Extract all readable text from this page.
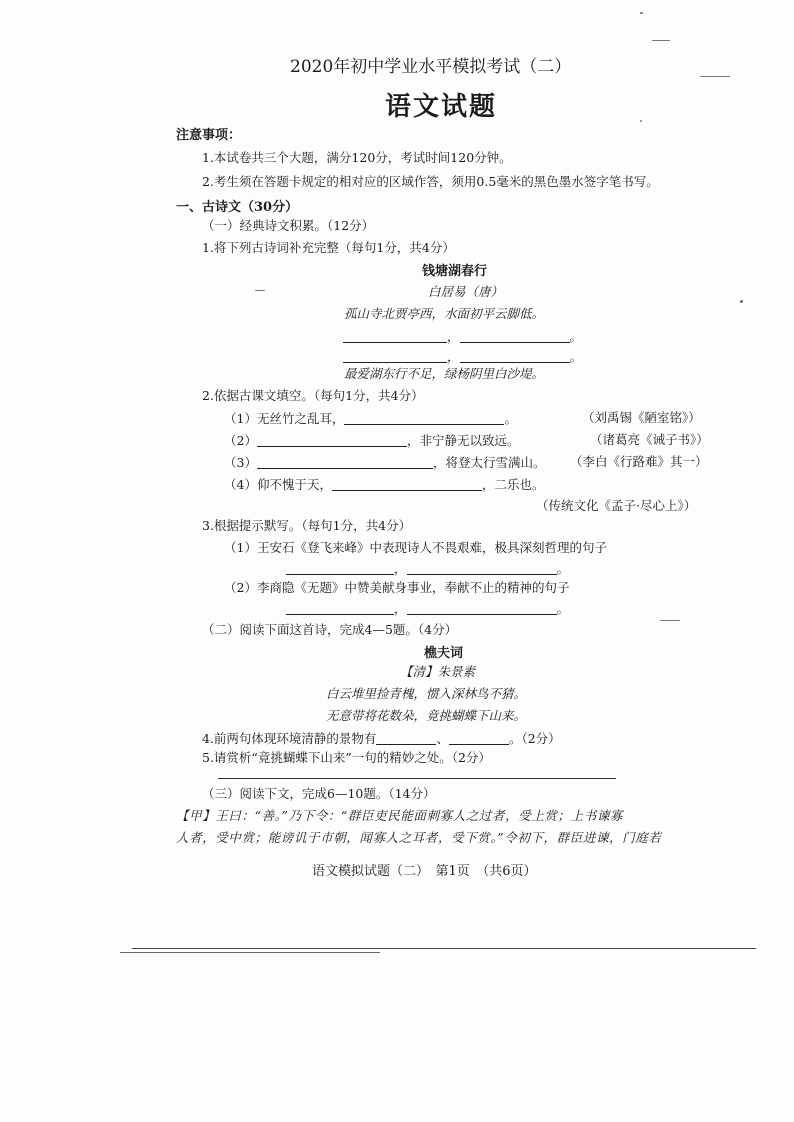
2020年初中学业水平模拟考试（二）
语文试题
注意事项：
1.本试卷共三个大题，满分120分，考试时间120分钟。
2.考生须在答题卡规定的相对应的区域作答，须用0.5毫米的黑色墨水签字笔书写。
一、古诗文（30分）
（一）经典诗文积累。（12分）
1.将下列古诗词补充完整（每句1分，共4分）
钱塘湖春行
白居易（唐）
孤山寺北贾亭西，水面初平云脚低。
，	。
，	。
最爱湖东行不足，绿杨阴里白沙堤。
2.依据古课文填空。（每句1分，共4分）
（1）无丝竹之乱耳，	。	（刘禹锡《陋室铭》）
（2）	，非宁静无以致远。	（诸葛亮《诫子书》）
（3）	，将登太行雪满山。 （李白《行路难》其一）
（4）仰不愧于天，	，二乐也。
（传统文化《孟子·尽心上》）
3.根据提示默写。（每句1分，共4分）
（1）王安石《登飞来峰》中表现诗人不畏艰难，极具深刻哲理的句子
，	。
（2）李商隐《无题》中赞美献身事业，奉献不止的精神的句子
，	。
（二）阅读下面这首诗，完成4—5题。（4分）
樵夫词
【清】朱景素
白云堆里捡青槐，惯入深林鸟不猜。
无意带将花数朵，竟挑蝴蝶下山来。
4.前两句体现环境清静的景物有	、	。（2分）
5.请赏析“竟挑蝴蝶下山来”一句的精妙之处。（2分）
（三）阅读下文，完成6—10题。（14分）
【甲】王曰：“善。”乃下令：“群臣吏民能面刺寡人之过者，受上赏；上书谏寡
人者，受中赏；能谤讥于市朝，闻寡人之耳者，受下赏。”令初下，群臣进谏，门庭若
语文模拟试题（二）　第1页　（共6页）
